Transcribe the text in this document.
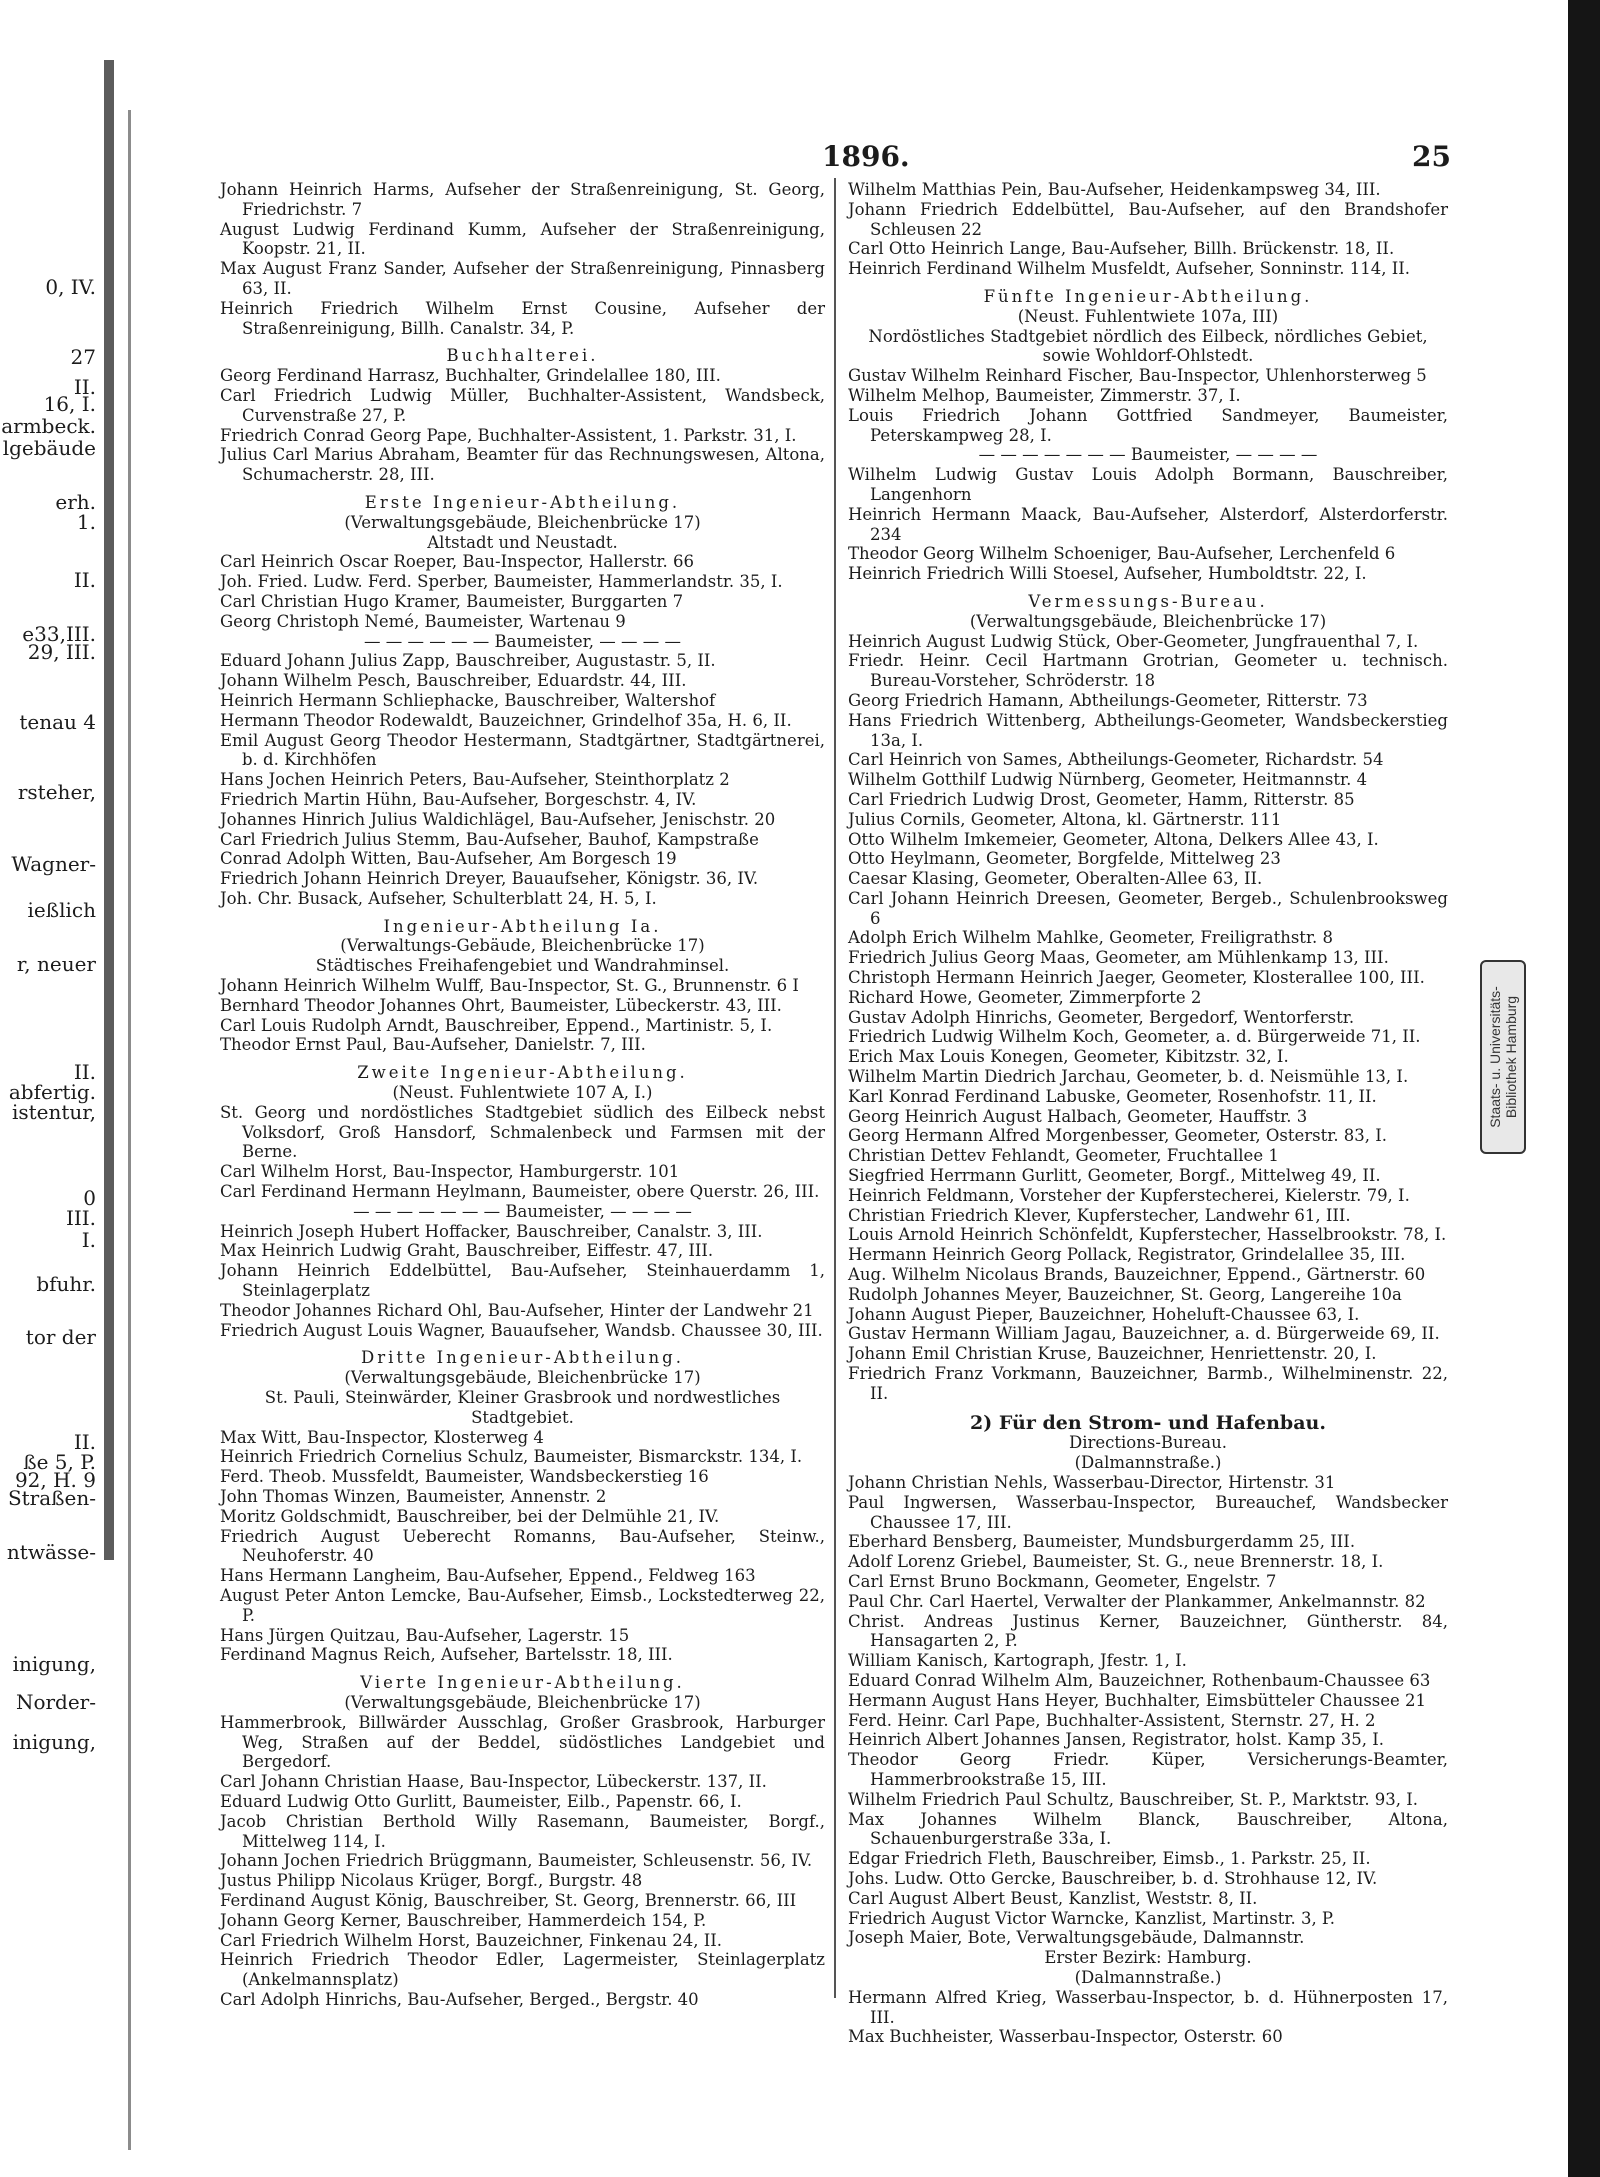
0, IV.
27
II.
16, I.
armbeck.
lgebäude
erh.
1.
II.
e33,III.
29, III.
tenau 4
rsteher,
Wagner-
ießlich
r, neuer
II.
abfertig.
istentur,
0
III.
I.
bfuhr.
tor der
II.
ße 5, P.
92, H. 9
Straßen-
ntwässe-
inigung,
Norder-
inigung,
1896.	25

Johann Heinrich Harms, Aufseher der Straßenreinigung, St. Georg, Friedrichstr. 7

August Ludwig Ferdinand Kumm, Aufseher der Straßenreinigung, Koopstr. 21, II.

Max August Franz Sander, Aufseher der Straßenreinigung, Pinnasberg 63, II.

Heinrich Friedrich Wilhelm Ernst Cousine, Aufseher der Straßenreinigung, Billh. Canalstr. 34, P.

Buchhalterei.

Georg Ferdinand Harrasz, Buchhalter, Grindelallee 180, III.

Carl Friedrich Ludwig Müller, Buchhalter-Assistent, Wandsbeck, Curvenstraße 27, P.

Friedrich Conrad Georg Pape, Buchhalter-Assistent, 1. Parkstr. 31, I.

Julius Carl Marius Abraham, Beamter für das Rechnungswesen, Altona, Schumacherstr. 28, III.

Erste Ingenieur-Abtheilung.

(Verwaltungsgebäude, Bleichenbrücke 17)

Altstadt und Neustadt.

Carl Heinrich Oscar Roeper, Bau-Inspector, Hallerstr. 66

Joh. Fried. Ludw. Ferd. Sperber, Baumeister, Hammerlandstr. 35, I.

Carl Christian Hugo Kramer, Baumeister, Burggarten 7

Georg Christoph Nemé, Baumeister, Wartenau 9

— — — — — — Baumeister, — — — —

Eduard Johann Julius Zapp, Bauschreiber, Augustastr. 5, II.

Johann Wilhelm Pesch, Bauschreiber, Eduardstr. 44, III.

Heinrich Hermann Schliephacke, Bauschreiber, Waltershof

Hermann Theodor Rodewaldt, Bauzeichner, Grindelhof 35a, H. 6, II.

Emil August Georg Theodor Hestermann, Stadtgärtner, Stadtgärtnerei, b. d. Kirchhöfen

Hans Jochen Heinrich Peters, Bau-Aufseher, Steinthorplatz 2

Friedrich Martin Hühn, Bau-Aufseher, Borgeschstr. 4, IV.

Johannes Hinrich Julius Waldichlägel, Bau-Aufseher, Jenischstr. 20

Carl Friedrich Julius Stemm, Bau-Aufseher, Bauhof, Kampstraße

Conrad Adolph Witten, Bau-Aufseher, Am Borgesch 19

Friedrich Johann Heinrich Dreyer, Bauaufseher, Königstr. 36, IV.

Joh. Chr. Busack, Aufseher, Schulterblatt 24, H. 5, I.

Ingenieur-Abtheilung Ia.

(Verwaltungs-Gebäude, Bleichenbrücke 17)

Städtisches Freihafengebiet und Wandrahminsel.

Johann Heinrich Wilhelm Wulff, Bau-Inspector, St. G., Brunnenstr. 6 I

Bernhard Theodor Johannes Ohrt, Baumeister, Lübeckerstr. 43, III.

Carl Louis Rudolph Arndt, Bauschreiber, Eppend., Martinistr. 5, I.

Theodor Ernst Paul, Bau-Aufseher, Danielstr. 7, III.

Zweite Ingenieur-Abtheilung.

(Neust. Fuhlentwiete 107 A, I.)

St. Georg und nordöstliches Stadtgebiet südlich des Eilbeck nebst Volksdorf, Groß Hansdorf, Schmalenbeck und Farmsen mit der Berne.

Carl Wilhelm Horst, Bau-Inspector, Hamburgerstr. 101

Carl Ferdinand Hermann Heylmann, Baumeister, obere Querstr. 26, III.

— — — — — — — Baumeister, — — — —

Heinrich Joseph Hubert Hoffacker, Bauschreiber, Canalstr. 3, III.

Max Heinrich Ludwig Graht, Bauschreiber, Eiffestr. 47, III.

Johann Heinrich Eddelbüttel, Bau-Aufseher, Steinhauerdamm 1, Steinlagerplatz

Theodor Johannes Richard Ohl, Bau-Aufseher, Hinter der Landwehr 21

Friedrich August Louis Wagner, Bauaufseher, Wandsb. Chaussee 30, III.

Dritte Ingenieur-Abtheilung.

(Verwaltungsgebäude, Bleichenbrücke 17)

St. Pauli, Steinwärder, Kleiner Grasbrook und nordwestliches Stadtgebiet.

Max Witt, Bau-Inspector, Klosterweg 4

Heinrich Friedrich Cornelius Schulz, Baumeister, Bismarckstr. 134, I.

Ferd. Theob. Mussfeldt, Baumeister, Wandsbeckerstieg 16

John Thomas Winzen, Baumeister, Annenstr. 2

Moritz Goldschmidt, Bauschreiber, bei der Delmühle 21, IV.

Friedrich August Ueberecht Romanns, Bau-Aufseher, Steinw., Neuhoferstr. 40

Hans Hermann Langheim, Bau-Aufseher, Eppend., Feldweg 163

August Peter Anton Lemcke, Bau-Aufseher, Eimsb., Lockstedterweg 22, P.

Hans Jürgen Quitzau, Bau-Aufseher, Lagerstr. 15

Ferdinand Magnus Reich, Aufseher, Bartelsstr. 18, III.

Vierte Ingenieur-Abtheilung.

(Verwaltungsgebäude, Bleichenbrücke 17)

Hammerbrook, Billwärder Ausschlag, Großer Grasbrook, Harburger Weg, Straßen auf der Beddel, südöstliches Landgebiet und Bergedorf.

Carl Johann Christian Haase, Bau-Inspector, Lübeckerstr. 137, II.

Eduard Ludwig Otto Gurlitt, Baumeister, Eilb., Papenstr. 66, I.

Jacob Christian Berthold Willy Rasemann, Baumeister, Borgf., Mittelweg 114, I.

Johann Jochen Friedrich Brüggmann, Baumeister, Schleusenstr. 56, IV.

Justus Philipp Nicolaus Krüger, Borgf., Burgstr. 48

Ferdinand August König, Bauschreiber, St. Georg, Brennerstr. 66, III

Johann Georg Kerner, Bauschreiber, Hammerdeich 154, P.

Carl Friedrich Wilhelm Horst, Bauzeichner, Finkenau 24, II.

Heinrich Friedrich Theodor Edler, Lagermeister, Steinlagerplatz (Ankelmannsplatz)

Carl Adolph Hinrichs, Bau-Aufseher, Berged., Bergstr. 40

Wilhelm Matthias Pein, Bau-Aufseher, Heidenkampsweg 34, III.

Johann Friedrich Eddelbüttel, Bau-Aufseher, auf den Brandshofer Schleusen 22

Carl Otto Heinrich Lange, Bau-Aufseher, Billh. Brückenstr. 18, II.

Heinrich Ferdinand Wilhelm Musfeldt, Aufseher, Sonninstr. 114, II.

Fünfte Ingenieur-Abtheilung.

(Neust. Fuhlentwiete 107a, III)

Nordöstliches Stadtgebiet nördlich des Eilbeck, nördliches Gebiet, sowie Wohldorf-Ohlstedt.

Gustav Wilhelm Reinhard Fischer, Bau-Inspector, Uhlenhorsterweg 5

Wilhelm Melhop, Baumeister, Zimmerstr. 37, I.

Louis Friedrich Johann Gottfried Sandmeyer, Baumeister, Peterskampweg 28, I.

— — — — — — — Baumeister, — — — —

Wilhelm Ludwig Gustav Louis Adolph Bormann, Bauschreiber, Langenhorn

Heinrich Hermann Maack, Bau-Aufseher, Alsterdorf, Alsterdorferstr. 234

Theodor Georg Wilhelm Schoeniger, Bau-Aufseher, Lerchenfeld 6

Heinrich Friedrich Willi Stoesel, Aufseher, Humboldtstr. 22, I.

Vermessungs-Bureau.

(Verwaltungsgebäude, Bleichenbrücke 17)

Heinrich August Ludwig Stück, Ober-Geometer, Jungfrauenthal 7, I.

Friedr. Heinr. Cecil Hartmann Grotrian, Geometer u. technisch. Bureau-Vorsteher, Schröderstr. 18

Georg Friedrich Hamann, Abtheilungs-Geometer, Ritterstr. 73

Hans Friedrich Wittenberg, Abtheilungs-Geometer, Wandsbeckerstieg 13a, I.

Carl Heinrich von Sames, Abtheilungs-Geometer, Richardstr. 54

Wilhelm Gotthilf Ludwig Nürnberg, Geometer, Heitmannstr. 4

Carl Friedrich Ludwig Drost, Geometer, Hamm, Ritterstr. 85

Julius Cornils, Geometer, Altona, kl. Gärtnerstr. 111

Otto Wilhelm Imkemeier, Geometer, Altona, Delkers Allee 43, I.

Otto Heylmann, Geometer, Borgfelde, Mittelweg 23

Caesar Klasing, Geometer, Oberalten-Allee 63, II.

Carl Johann Heinrich Dreesen, Geometer, Bergeb., Schulenbrooksweg 6

Adolph Erich Wilhelm Mahlke, Geometer, Freiligrathstr. 8

Friedrich Julius Georg Maas, Geometer, am Mühlenkamp 13, III.

Christoph Hermann Heinrich Jaeger, Geometer, Klosterallee 100, III.

Richard Howe, Geometer, Zimmerpforte 2

Gustav Adolph Hinrichs, Geometer, Bergedorf, Wentorferstr.

Friedrich Ludwig Wilhelm Koch, Geometer, a. d. Bürgerweide 71, II.

Erich Max Louis Konegen, Geometer, Kibitzstr. 32, I.

Wilhelm Martin Diedrich Jarchau, Geometer, b. d. Neismühle 13, I.

Karl Konrad Ferdinand Labuske, Geometer, Rosenhofstr. 11, II.

Georg Heinrich August Halbach, Geometer, Hauffstr. 3

Georg Hermann Alfred Morgenbesser, Geometer, Osterstr. 83, I.

Christian Dettev Fehlandt, Geometer, Fruchtallee 1

Siegfried Herrmann Gurlitt, Geometer, Borgf., Mittelweg 49, II.

Heinrich Feldmann, Vorsteher der Kupferstecherei, Kielerstr. 79, I.

Christian Friedrich Klever, Kupferstecher, Landwehr 61, III.

Louis Arnold Heinrich Schönfeldt, Kupferstecher, Hasselbrookstr. 78, I.

Hermann Heinrich Georg Pollack, Registrator, Grindelallee 35, III.

Aug. Wilhelm Nicolaus Brands, Bauzeichner, Eppend., Gärtnerstr. 60

Rudolph Johannes Meyer, Bauzeichner, St. Georg, Langereihe 10a

Johann August Pieper, Bauzeichner, Hoheluft-Chaussee 63, I.

Gustav Hermann William Jagau, Bauzeichner, a. d. Bürgerweide 69, II.

Johann Emil Christian Kruse, Bauzeichner, Henriettenstr. 20, I.

Friedrich Franz Vorkmann, Bauzeichner, Barmb., Wilhelminenstr. 22, II.

2) Für den Strom- und Hafenbau.

Directions-Bureau.

(Dalmannstraße.)

Johann Christian Nehls, Wasserbau-Director, Hirtenstr. 31

Paul Ingwersen, Wasserbau-Inspector, Bureauchef, Wandsbecker Chaussee 17, III.

Eberhard Bensberg, Baumeister, Mundsburgerdamm 25, III.

Adolf Lorenz Griebel, Baumeister, St. G., neue Brennerstr. 18, I.

Carl Ernst Bruno Bockmann, Geometer, Engelstr. 7

Paul Chr. Carl Haertel, Verwalter der Plankammer, Ankelmannstr. 82

Christ. Andreas Justinus Kerner, Bauzeichner, Güntherstr. 84, Hansagarten 2, P.

William Kanisch, Kartograph, Jfestr. 1, I.

Eduard Conrad Wilhelm Alm, Bauzeichner, Rothenbaum-Chaussee 63

Hermann August Hans Heyer, Buchhalter, Eimsbütteler Chaussee 21

Ferd. Heinr. Carl Pape, Buchhalter-Assistent, Sternstr. 27, H. 2

Heinrich Albert Johannes Jansen, Registrator, holst. Kamp 35, I.

Theodor Georg Friedr. Küper, Versicherungs-Beamter, Hammerbrookstraße 15, III.

Wilhelm Friedrich Paul Schultz, Bauschreiber, St. P., Marktstr. 93, I.

Max Johannes Wilhelm Blanck, Bauschreiber, Altona, Schauenburgerstraße 33a, I.

Edgar Friedrich Fleth, Bauschreiber, Eimsb., 1. Parkstr. 25, II.

Johs. Ludw. Otto Gercke, Bauschreiber, b. d. Strohhause 12, IV.

Carl August Albert Beust, Kanzlist, Weststr. 8, II.

Friedrich August Victor Warncke, Kanzlist, Martinstr. 3, P.

Joseph Maier, Bote, Verwaltungsgebäude, Dalmannstr.

Erster Bezirk: Hamburg.

(Dalmannstraße.)

Hermann Alfred Krieg, Wasserbau-Inspector, b. d. Hühnerposten 17, III.

Max Buchheister, Wasserbau-Inspector, Osterstr. 60

Staats- u. Universitäts- Bibliothek Hamburg
